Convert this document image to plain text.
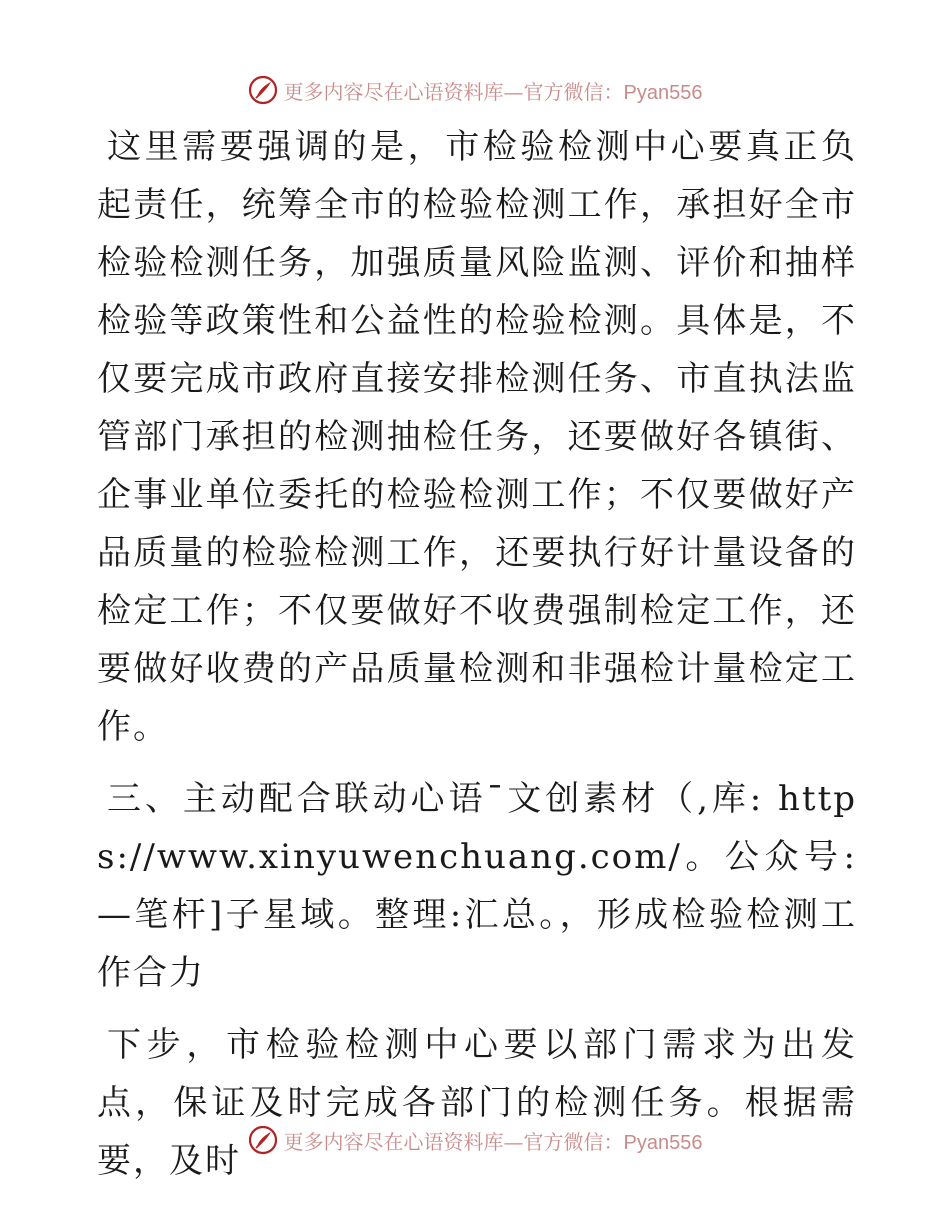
更多内容尽在心语资料库—官方微信：Pyan556

这里需要强调的是，市检验检测中心要真正负起责任，统筹全市的检验检测工作，承担好全市检验检测任务，加强质量风险监测、评价和抽样检验等政策性和公益性的检验检测。具体是，不仅要完成市政府直接安排检测任务、市直执法监管部门承担的检测抽检任务，还要做好各镇街、企事业单位委托的检验检测工作；不仅要做好产品质量的检验检测工作，还要执行好计量设备的检定工作；不仅要做好不收费强制检定工作，还要做好收费的产品质量检测和非强检计量检定工作。

三、主动配合联动心语¯文创素材（,库: https://www.xinyuwenchuang.com/。公众号: —笔杆]子星域。整理:汇总。，形成检验检测工作合力

下步，市检验检测中心要以部门需求为出发点，保证及时完成各部门的检测任务。根据需要，及时	更多内容尽在心语资料库—官方微信：Pyan556
